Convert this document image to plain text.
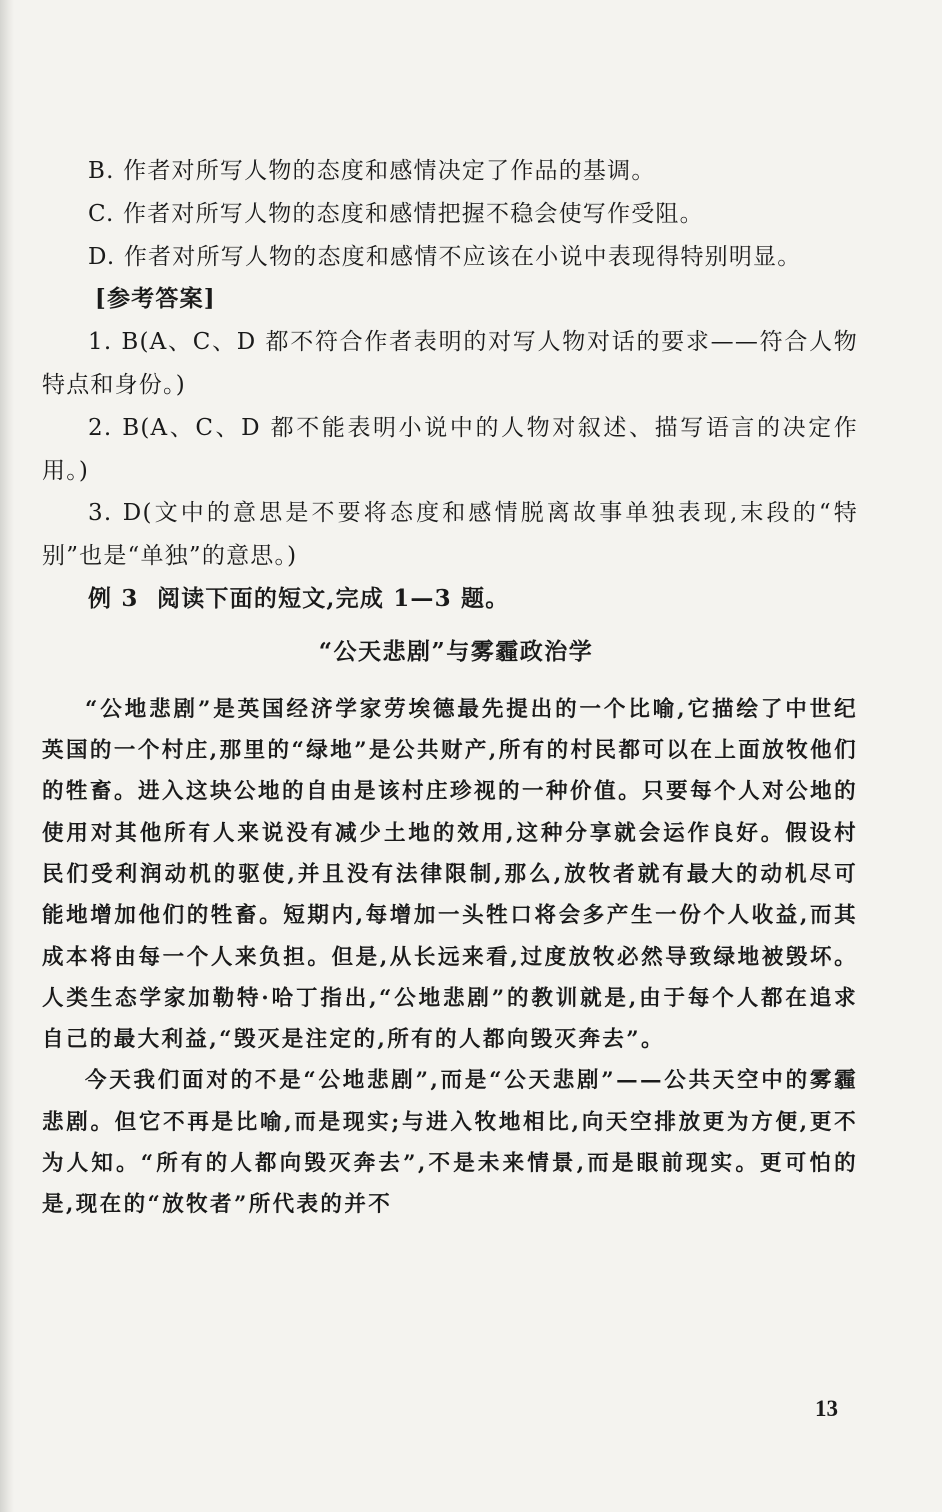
B. 作者对所写人物的态度和感情决定了作品的基调。

C. 作者对所写人物的态度和感情把握不稳会使写作受阻。

D. 作者对所写人物的态度和感情不应该在小说中表现得特别明显。

[参考答案]

1. B(A、C、D 都不符合作者表明的对写人物对话的要求——符合人物特点和身份。)

2. B(A、C、D 都不能表明小说中的人物对叙述、描写语言的决定作用。)

3. D(文中的意思是不要将态度和感情脱离故事单独表现,末段的“特别”也是“单独”的意思。)

例 3 阅读下面的短文,完成 1—3 题。

“公天悲剧”与雾霾政治学

“公地悲剧”是英国经济学家劳埃德最先提出的一个比喻,它描绘了中世纪英国的一个村庄,那里的“绿地”是公共财产,所有的村民都可以在上面放牧他们的牲畜。进入这块公地的自由是该村庄珍视的一种价值。只要每个人对公地的使用对其他所有人来说没有减少土地的效用,这种分享就会运作良好。假设村民们受利润动机的驱使,并且没有法律限制,那么,放牧者就有最大的动机尽可能地增加他们的牲畜。短期内,每增加一头牲口将会多产生一份个人收益,而其成本将由每一个人来负担。但是,从长远来看,过度放牧必然导致绿地被毁坏。人类生态学家加勒特·哈丁指出,“公地悲剧”的教训就是,由于每个人都在追求自己的最大利益,“毁灭是注定的,所有的人都向毁灭奔去”。

今天我们面对的不是“公地悲剧”,而是“公天悲剧”——公共天空中的雾霾悲剧。但它不再是比喻,而是现实;与进入牧地相比,向天空排放更为方便,更不为人知。“所有的人都向毁灭奔去”,不是未来情景,而是眼前现实。更可怕的是,现在的“放牧者”所代表的并不

13
